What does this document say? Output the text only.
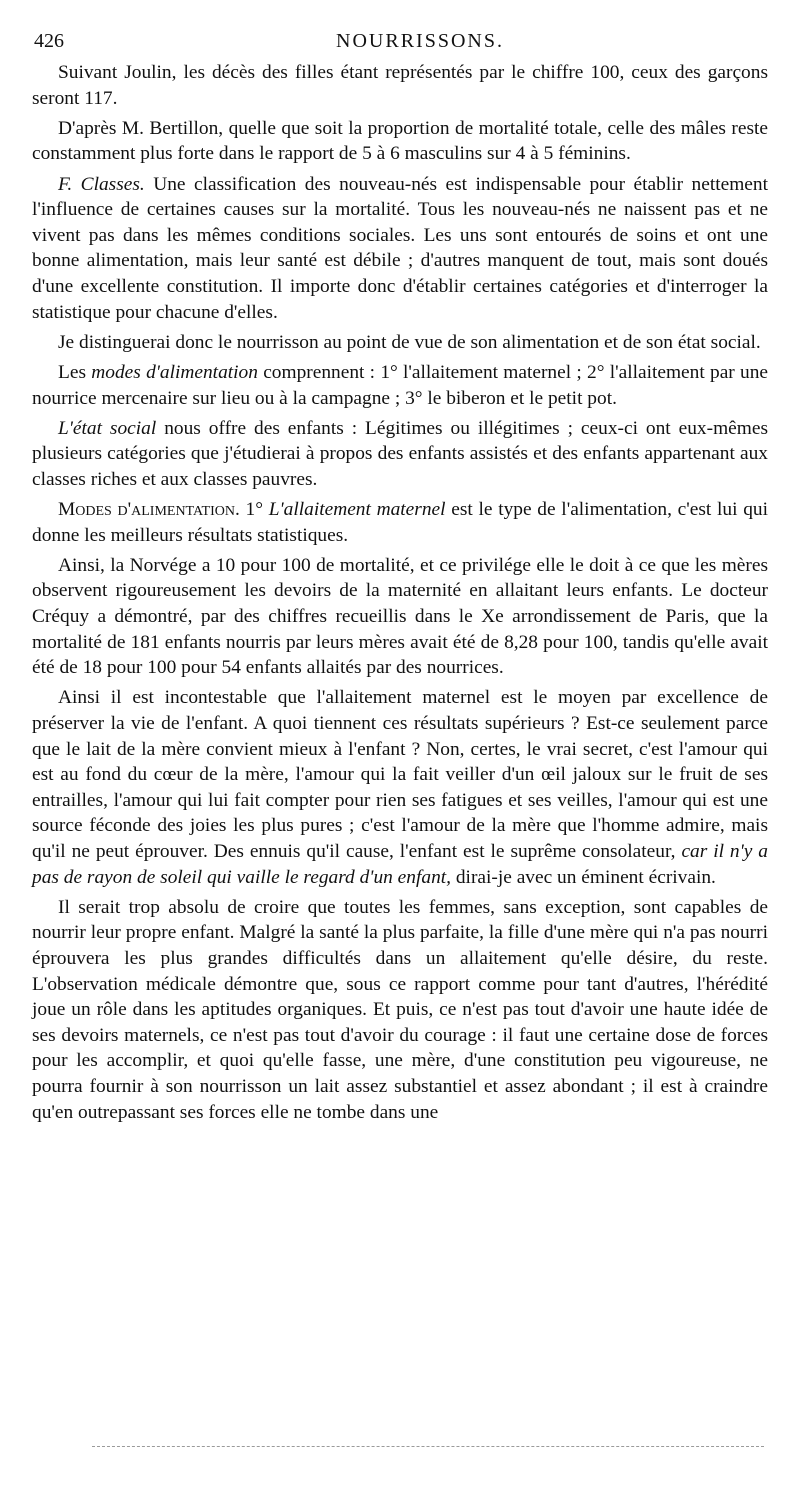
426	NOURRISSONS.

Suivant Joulin, les décès des filles étant représentés par le chiffre 100, ceux des garçons seront 117.

D'après M. Bertillon, quelle que soit la proportion de mortalité totale, celle des mâles reste constamment plus forte dans le rapport de 5 à 6 masculins sur 4 à 5 féminins.

F. Classes. Une classification des nouveau-nés est indispensable pour établir nettement l'influence de certaines causes sur la mortalité. Tous les nouveau-nés ne naissent pas et ne vivent pas dans les mêmes conditions sociales. Les uns sont entourés de soins et ont une bonne alimentation, mais leur santé est débile ; d'autres manquent de tout, mais sont doués d'une excellente constitution. Il importe donc d'établir certaines catégories et d'interroger la statistique pour chacune d'elles.

Je distinguerai donc le nourrisson au point de vue de son alimentation et de son état social.

Les modes d'alimentation comprennent : 1° l'allaitement maternel ; 2° l'allaitement par une nourrice mercenaire sur lieu ou à la campagne ; 3° le biberon et le petit pot.

L'état social nous offre des enfants : Légitimes ou illégitimes ; ceux-ci ont eux-mêmes plusieurs catégories que j'étudierai à propos des enfants assistés et des enfants appartenant aux classes riches et aux classes pauvres.

Modes d'alimentation. 1° L'allaitement maternel est le type de l'alimentation, c'est lui qui donne les meilleurs résultats statistiques.

Ainsi, la Norvége a 10 pour 100 de mortalité, et ce privilége elle le doit à ce que les mères observent rigoureusement les devoirs de la maternité en allaitant leurs enfants. Le docteur Créquy a démontré, par des chiffres recueillis dans le Xe arrondissement de Paris, que la mortalité de 181 enfants nourris par leurs mères avait été de 8,28 pour 100, tandis qu'elle avait été de 18 pour 100 pour 54 enfants allaités par des nourrices.

Ainsi il est incontestable que l'allaitement maternel est le moyen par excellence de préserver la vie de l'enfant. A quoi tiennent ces résultats supérieurs ? Est-ce seulement parce que le lait de la mère convient mieux à l'enfant ? Non, certes, le vrai secret, c'est l'amour qui est au fond du cœur de la mère, l'amour qui la fait veiller d'un œil jaloux sur le fruit de ses entrailles, l'amour qui lui fait compter pour rien ses fatigues et ses veilles, l'amour qui est une source féconde des joies les plus pures ; c'est l'amour de la mère que l'homme admire, mais qu'il ne peut éprouver. Des ennuis qu'il cause, l'enfant est le suprême consolateur, car il n'y a pas de rayon de soleil qui vaille le regard d'un enfant, dirai-je avec un éminent écrivain.

Il serait trop absolu de croire que toutes les femmes, sans exception, sont capables de nourrir leur propre enfant. Malgré la santé la plus parfaite, la fille d'une mère qui n'a pas nourri éprouvera les plus grandes difficultés dans un allaitement qu'elle désire, du reste. L'observation médicale démontre que, sous ce rapport comme pour tant d'autres, l'hérédité joue un rôle dans les aptitudes organiques. Et puis, ce n'est pas tout d'avoir une haute idée de ses devoirs maternels, ce n'est pas tout d'avoir du courage : il faut une certaine dose de forces pour les accomplir, et quoi qu'elle fasse, une mère, d'une constitution peu vigoureuse, ne pourra fournir à son nourrisson un lait assez substantiel et assez abondant ; il est à craindre qu'en outrepassant ses forces elle ne tombe dans une
